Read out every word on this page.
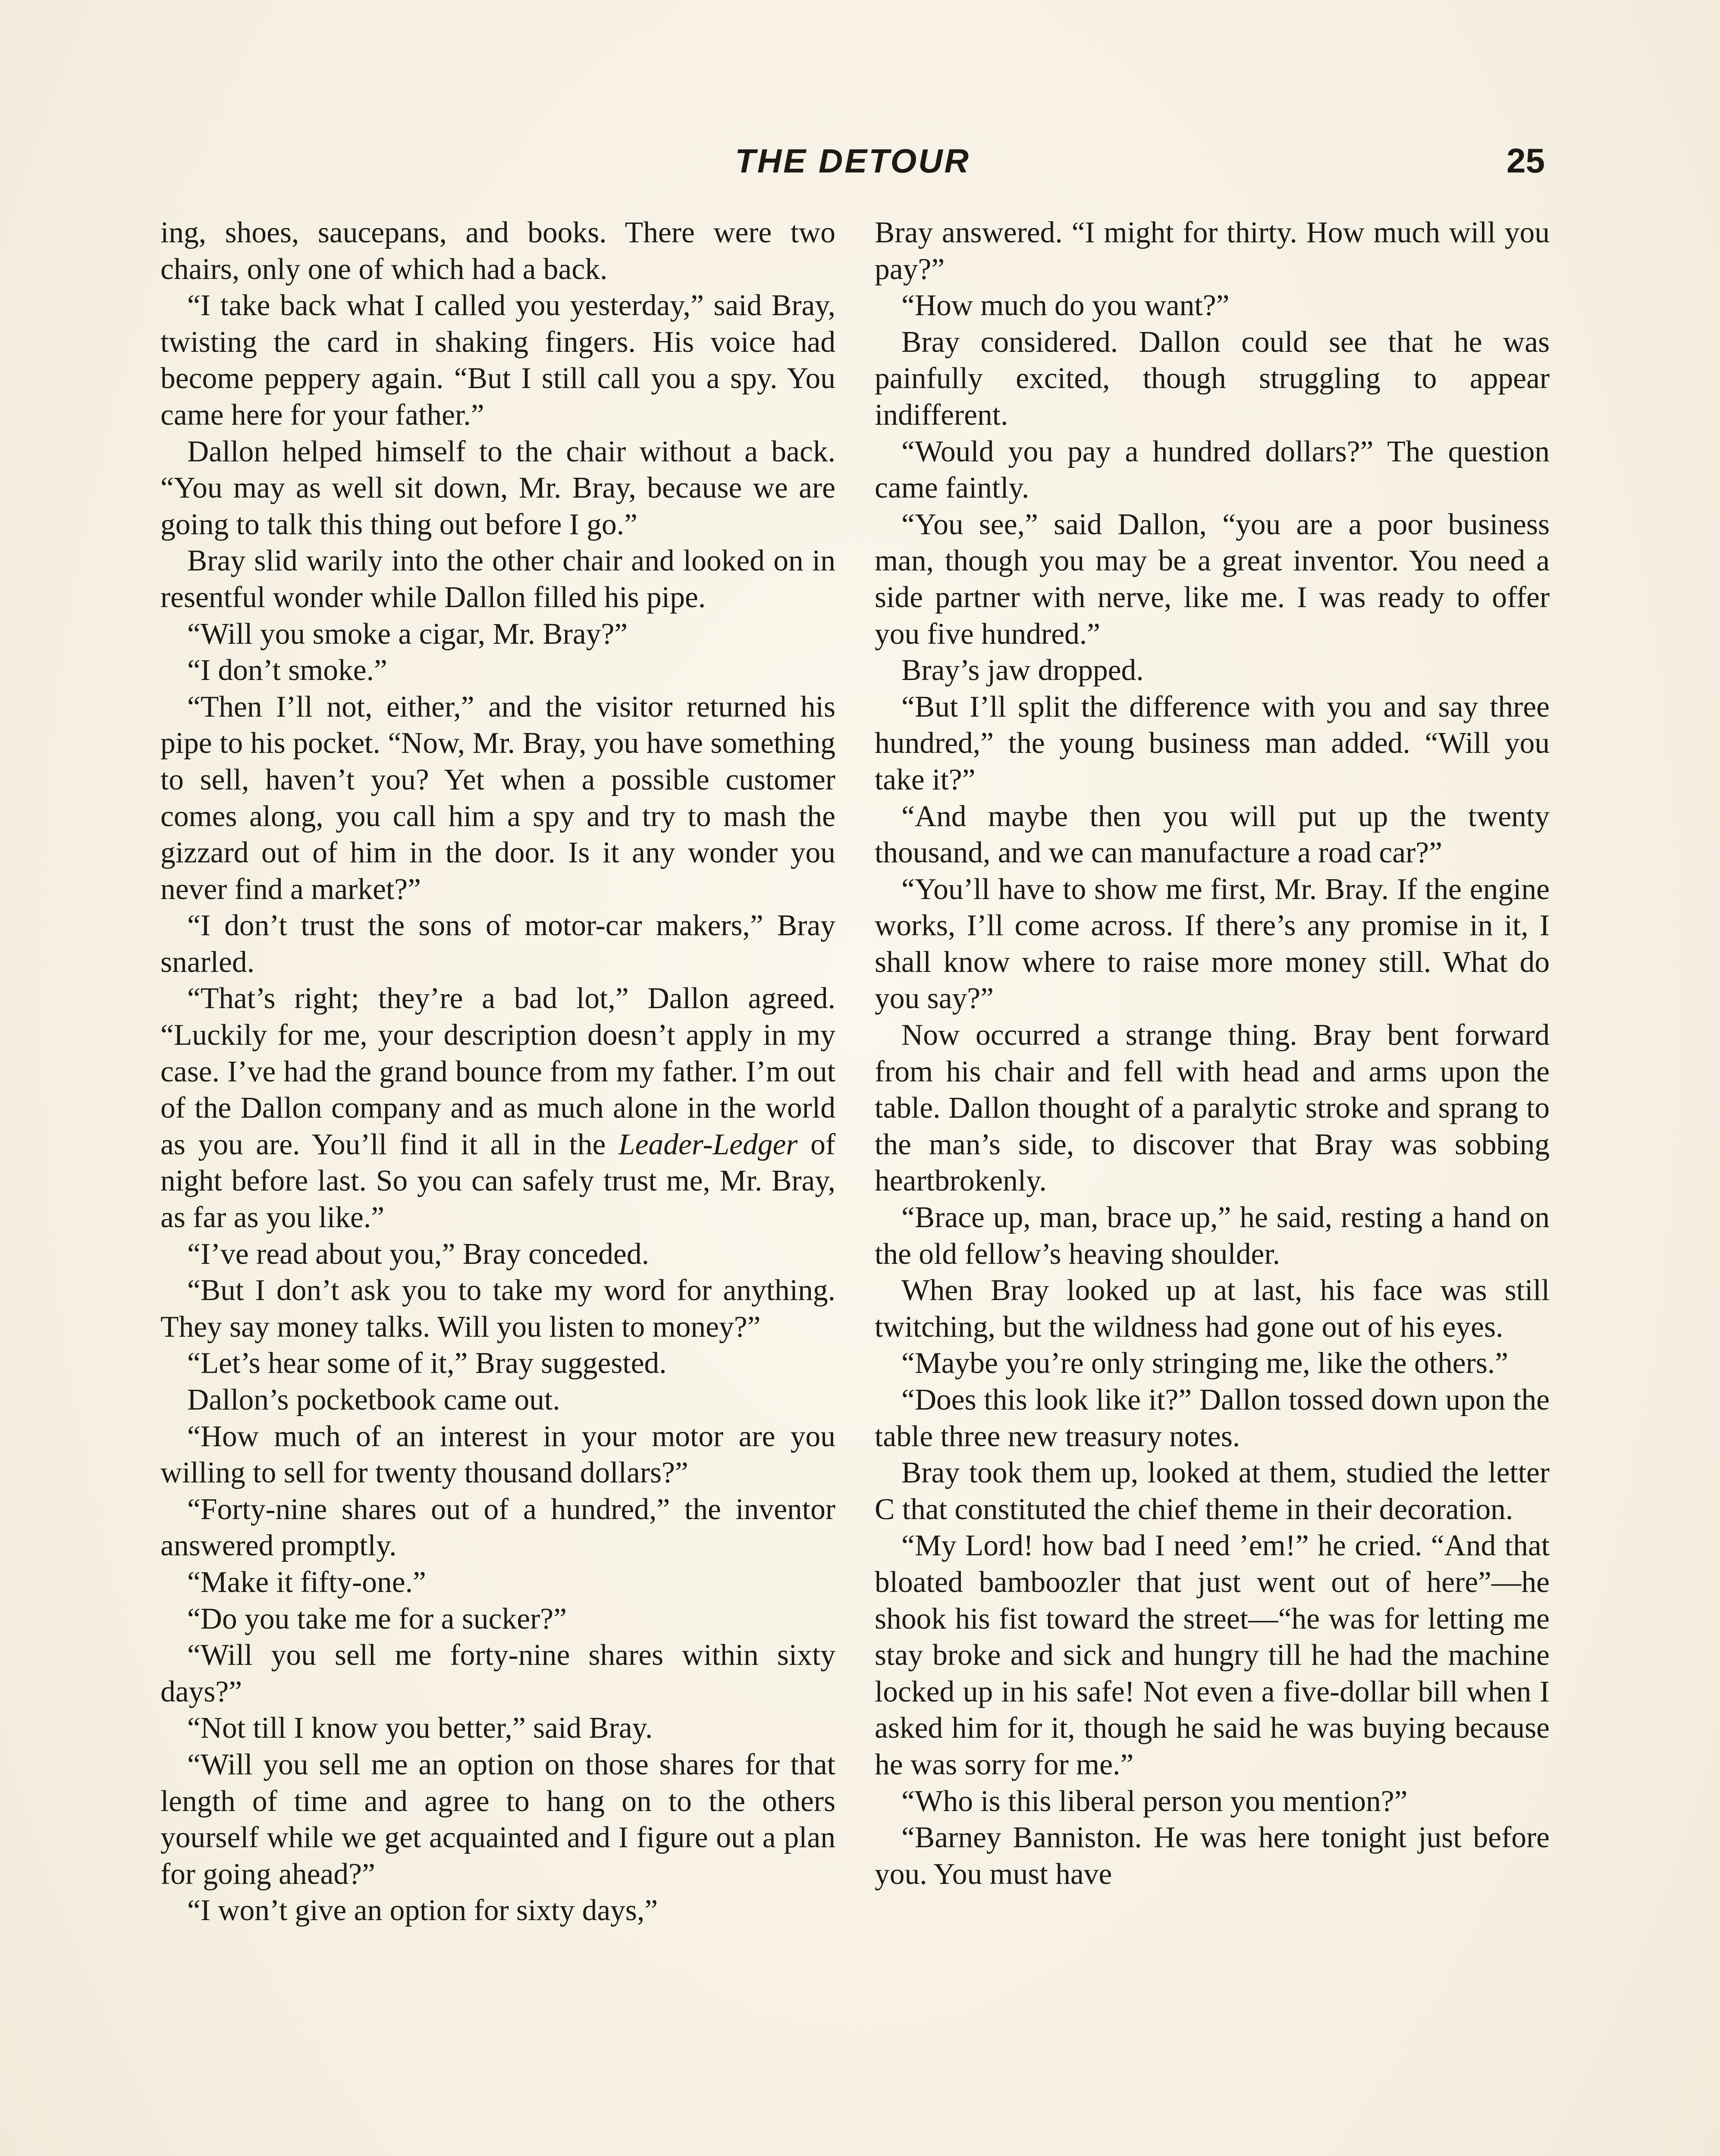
THE DETOUR	25

ing, shoes, saucepans, and books. There were two chairs, only one of which had a back.

“I take back what I called you yesterday,” said Bray, twisting the card in shaking fingers. His voice had become peppery again. “But I still call you a spy. You came here for your father.”

Dallon helped himself to the chair without a back. “You may as well sit down, Mr. Bray, because we are going to talk this thing out before I go.”

Bray slid warily into the other chair and looked on in resentful wonder while Dallon filled his pipe.

“Will you smoke a cigar, Mr. Bray?”

“I don’t smoke.”

“Then I’ll not, either,” and the visitor returned his pipe to his pocket. “Now, Mr. Bray, you have something to sell, haven’t you? Yet when a possible customer comes along, you call him a spy and try to mash the gizzard out of him in the door. Is it any wonder you never find a market?”

“I don’t trust the sons of motor-car makers,” Bray snarled.

“That’s right; they’re a bad lot,” Dallon agreed. “Luckily for me, your description doesn’t apply in my case. I’ve had the grand bounce from my father. I’m out of the Dallon company and as much alone in the world as you are. You’ll find it all in the Leader-Ledger of night before last. So you can safely trust me, Mr. Bray, as far as you like.”

“I’ve read about you,” Bray conceded.

“But I don’t ask you to take my word for anything. They say money talks. Will you listen to money?”

“Let’s hear some of it,” Bray suggested.

Dallon’s pocketbook came out.

“How much of an interest in your motor are you willing to sell for twenty thousand dollars?”

“Forty-nine shares out of a hundred,” the inventor answered promptly.

“Make it fifty-one.”

“Do you take me for a sucker?”

“Will you sell me forty-nine shares within sixty days?”

“Not till I know you better,” said Bray.

“Will you sell me an option on those shares for that length of time and agree to hang on to the others yourself while we get acquainted and I figure out a plan for going ahead?”

“I won’t give an option for sixty days,”

Bray answered. “I might for thirty. How much will you pay?”

“How much do you want?”

Bray considered. Dallon could see that he was painfully excited, though struggling to appear indifferent.

“Would you pay a hundred dollars?” The question came faintly.

“You see,” said Dallon, “you are a poor business man, though you may be a great inventor. You need a side partner with nerve, like me. I was ready to offer you five hundred.”

Bray’s jaw dropped.

“But I’ll split the difference with you and say three hundred,” the young business man added. “Will you take it?”

“And maybe then you will put up the twenty thousand, and we can manufacture a road car?”

“You’ll have to show me first, Mr. Bray. If the engine works, I’ll come across. If there’s any promise in it, I shall know where to raise more money still. What do you say?”

Now occurred a strange thing. Bray bent forward from his chair and fell with head and arms upon the table. Dallon thought of a paralytic stroke and sprang to the man’s side, to discover that Bray was sobbing heartbrokenly.

“Brace up, man, brace up,” he said, resting a hand on the old fellow’s heaving shoulder.

When Bray looked up at last, his face was still twitching, but the wildness had gone out of his eyes.

“Maybe you’re only stringing me, like the others.”

“Does this look like it?” Dallon tossed down upon the table three new treasury notes.

Bray took them up, looked at them, studied the letter C that constituted the chief theme in their decoration.

“My Lord! how bad I need ’em!” he cried. “And that bloated bamboozler that just went out of here”—he shook his fist toward the street—“he was for letting me stay broke and sick and hungry till he had the machine locked up in his safe! Not even a five-dollar bill when I asked him for it, though he said he was buying because he was sorry for me.”

“Who is this liberal person you mention?”

“Barney Banniston. He was here tonight just before you. You must have
